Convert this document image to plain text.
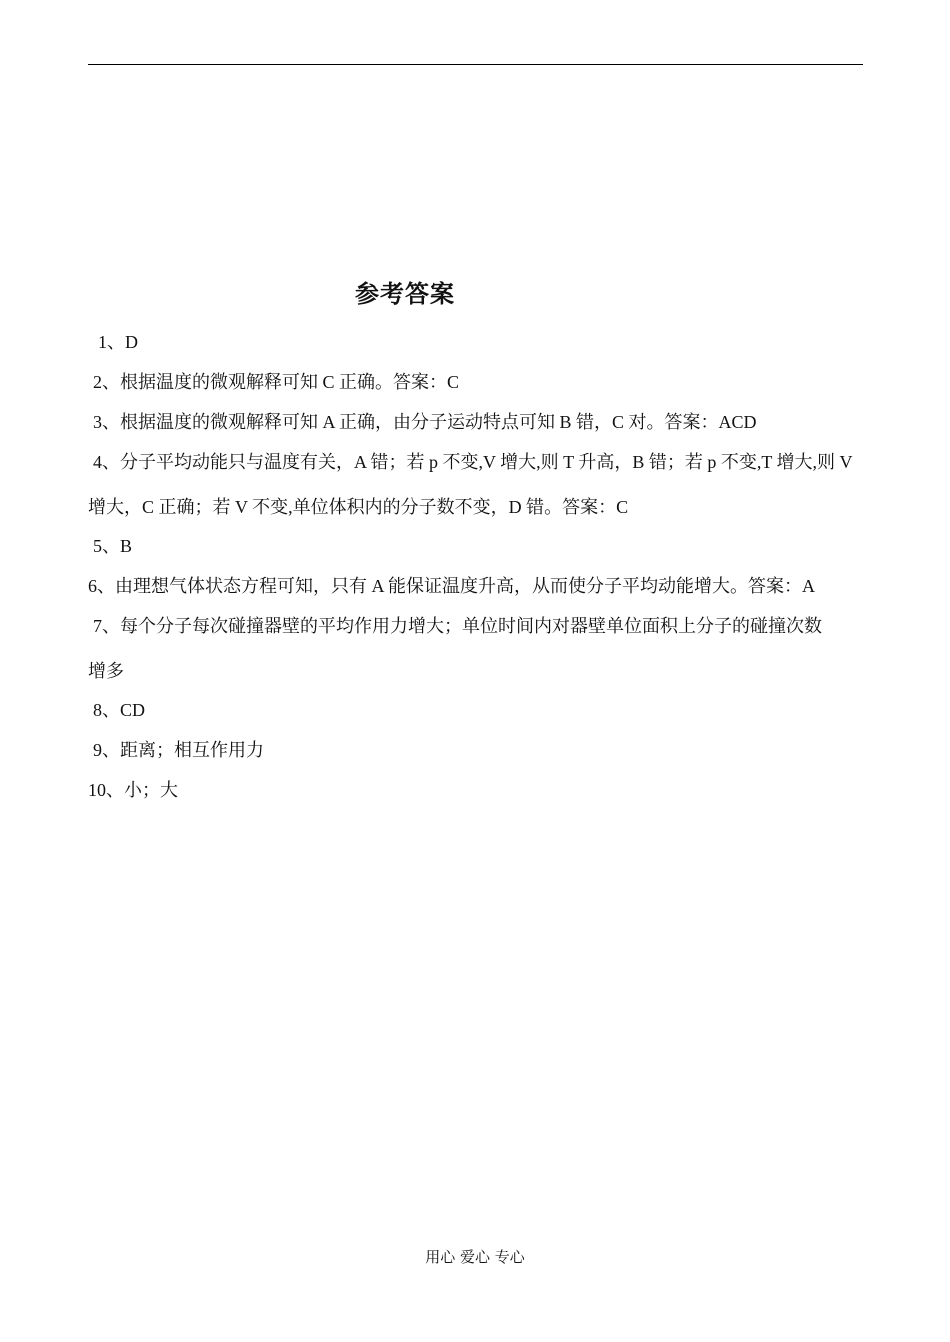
参考答案
1、D
2、根据温度的微观解释可知 C 正确。答案：C
3、根据温度的微观解释可知 A 正确，由分子运动特点可知 B 错，C 对。答案：ACD
4、分子平均动能只与温度有关，A 错；若 p 不变,V 增大,则 T 升高，B 错；若 p 不变,T 增大,则 V
增大，C 正确；若 V 不变,单位体积内的分子数不变，D 错。答案：C
5、B
6、由理想气体状态方程可知，只有 A 能保证温度升高，从而使分子平均动能增大。答案：A
7、每个分子每次碰撞器壁的平均作用力增大；单位时间内对器壁单位面积上分子的碰撞次数
增多
8、CD
9、距离；相互作用力
10、小；大
用心 爱心 专心
